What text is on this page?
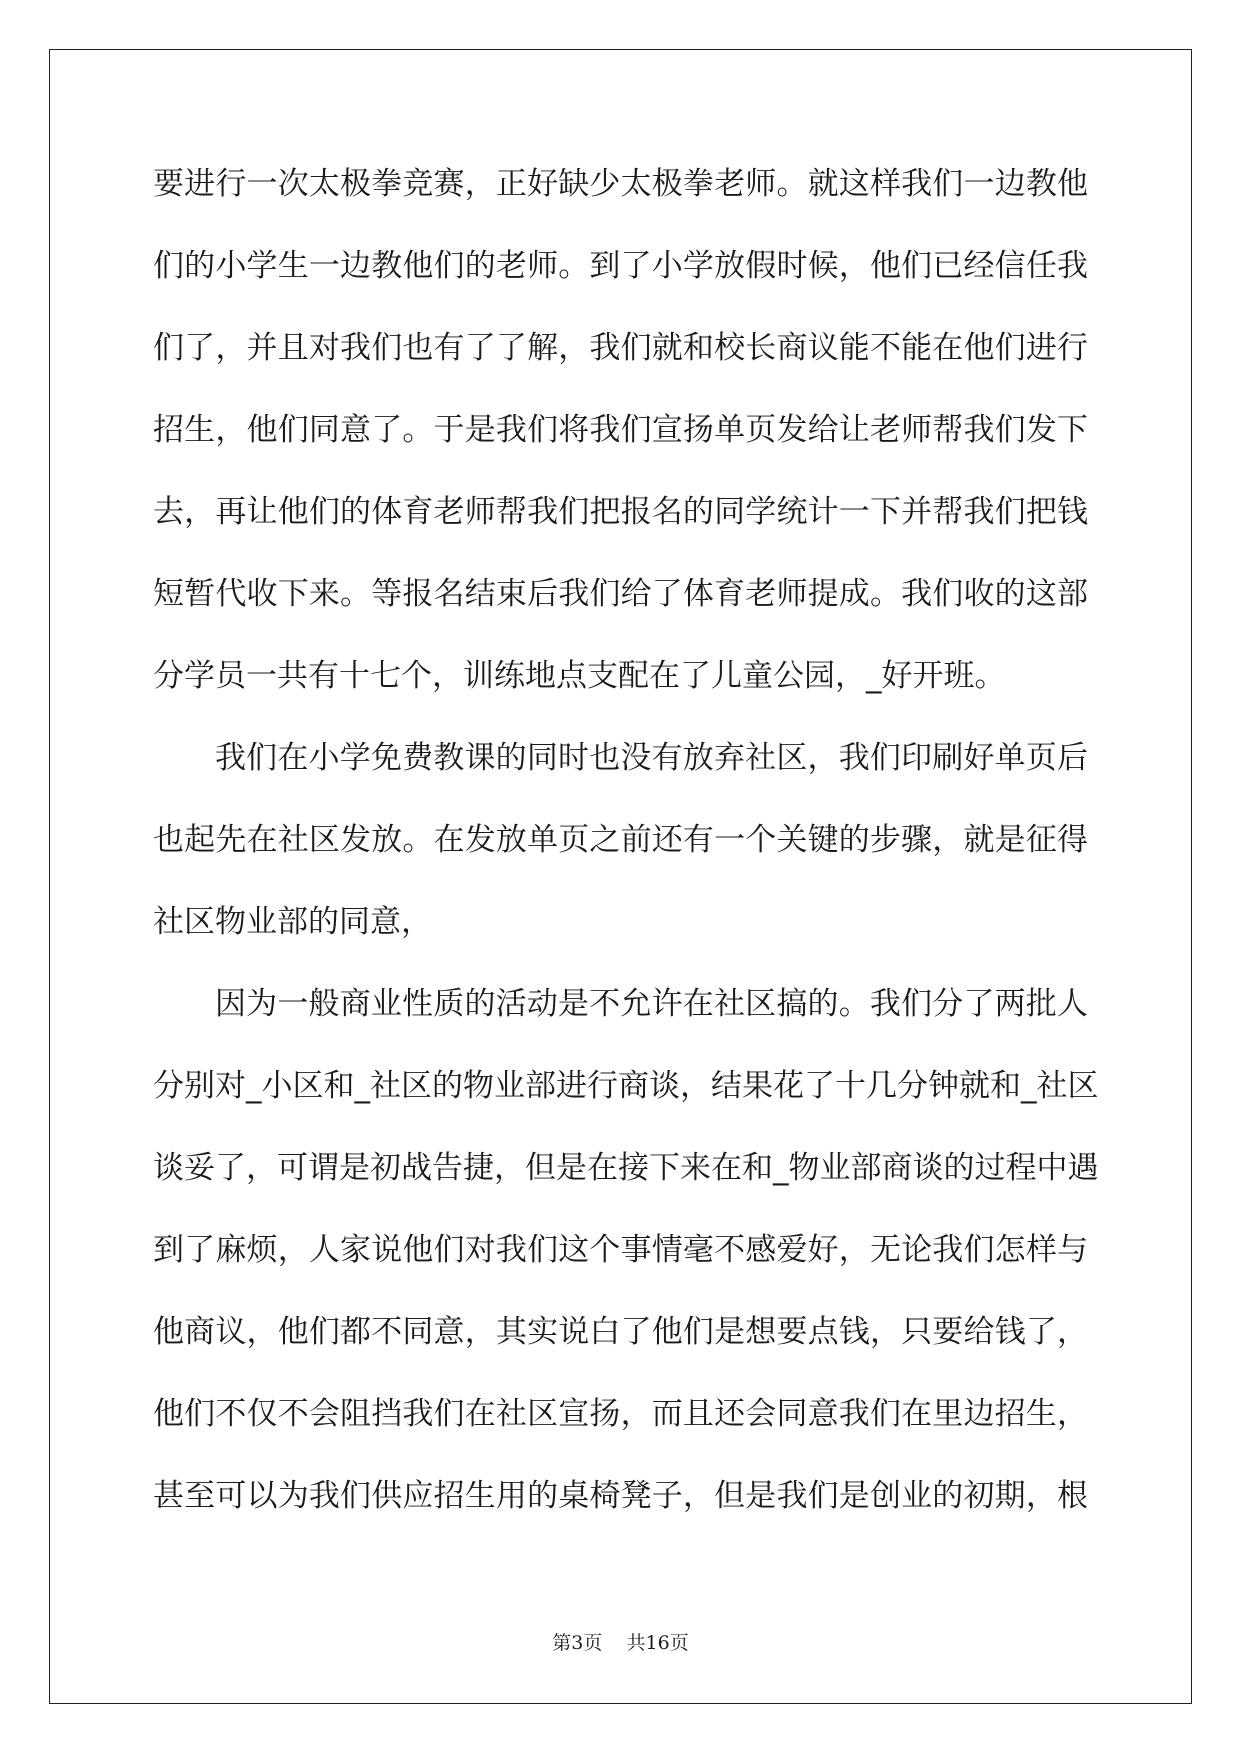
要进行一次太极拳竞赛，正好缺少太极拳老师。就这样我们一边教他
们的小学生一边教他们的老师。到了小学放假时候，他们已经信任我
们了，并且对我们也有了了解，我们就和校长商议能不能在他们进行
招生，他们同意了。于是我们将我们宣扬单页发给让老师帮我们发下
去，再让他们的体育老师帮我们把报名的同学统计一下并帮我们把钱
短暂代收下来。等报名结束后我们给了体育老师提成。我们收的这部
分学员一共有十七个，训练地点支配在了儿童公园，_好开班。
我们在小学免费教课的同时也没有放弃社区，我们印刷好单页后
也起先在社区发放。在发放单页之前还有一个关键的步骤，就是征得
社区物业部的同意，
因为一般商业性质的活动是不允许在社区搞的。我们分了两批人
分别对_小区和_社区的物业部进行商谈，结果花了十几分钟就和_社区
谈妥了，可谓是初战告捷，但是在接下来在和_物业部商谈的过程中遇
到了麻烦，人家说他们对我们这个事情毫不感爱好，无论我们怎样与
他商议，他们都不同意，其实说白了他们是想要点钱，只要给钱了，
他们不仅不会阻挡我们在社区宣扬，而且还会同意我们在里边招生，
甚至可以为我们供应招生用的桌椅凳子，但是我们是创业的初期，根
第3页 共16页
